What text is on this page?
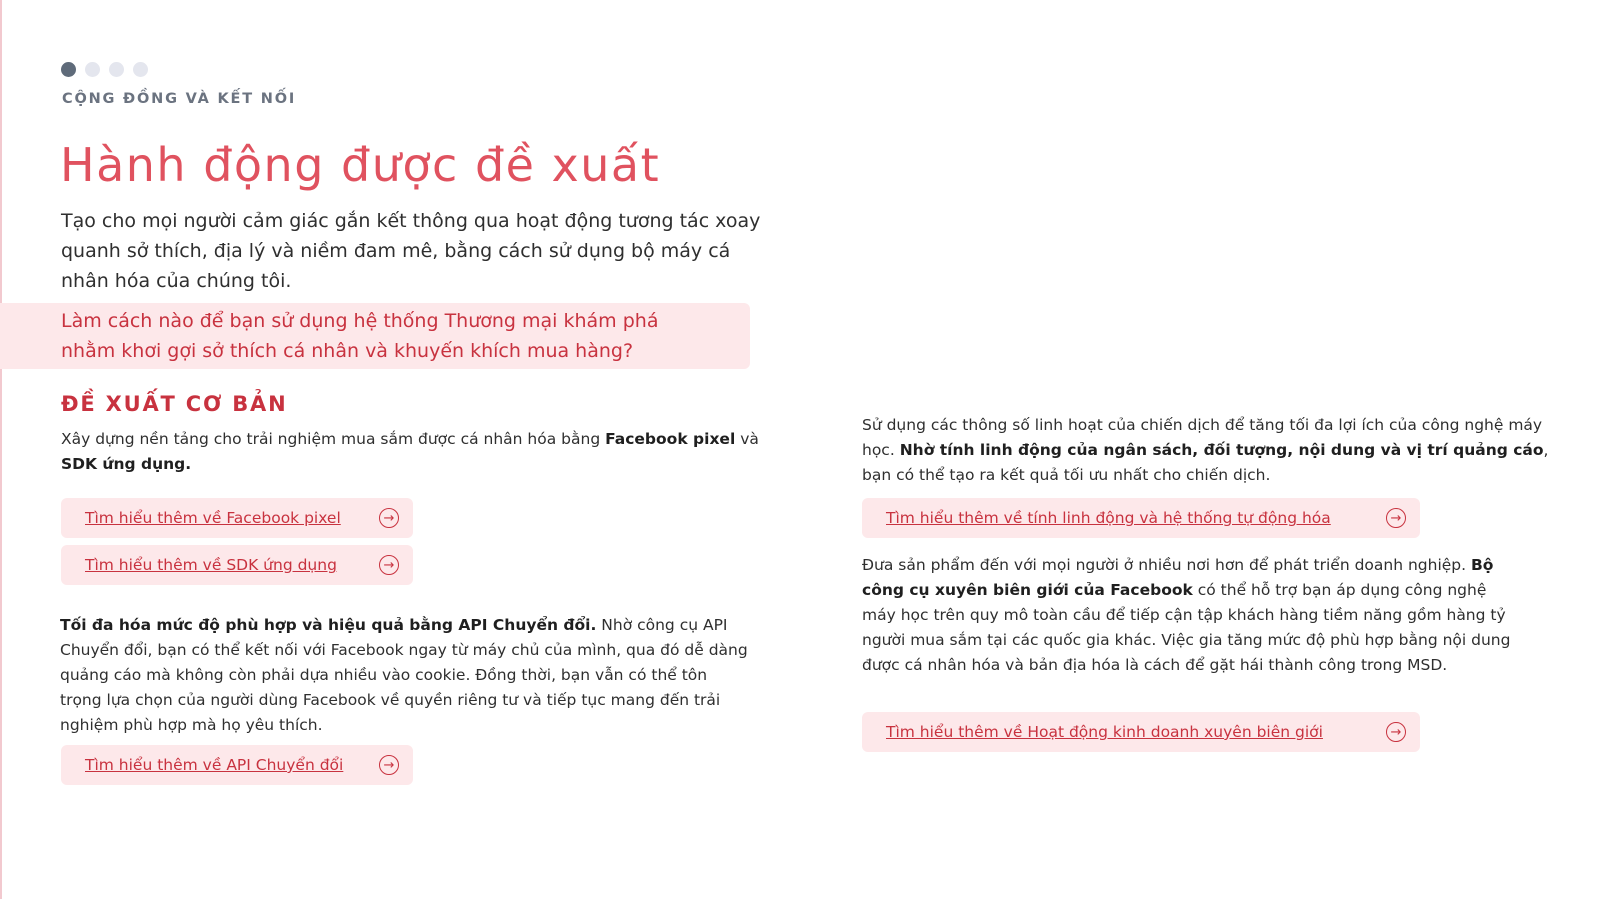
CỘNG ĐỒNG VÀ KẾT NỐI
Hành động được đề xuất

Tạo cho mọi người cảm giác gắn kết thông qua hoạt động tương tác xoay quanh sở thích, địa lý và niềm đam mê, bằng cách sử dụng bộ máy cá nhân hóa của chúng tôi.

Làm cách nào để bạn sử dụng hệ thống Thương mại khám phá nhằm khơi gợi sở thích cá nhân và khuyến khích mua hàng?

ĐỀ XUẤT CƠ BẢN

Xây dựng nền tảng cho trải nghiệm mua sắm được cá nhân hóa bằng Facebook pixel và SDK ứng dụng.

Tìm hiểu thêm về Facebook pixel	→
Tìm hiểu thêm về SDK ứng dụng	→

Tối đa hóa mức độ phù hợp và hiệu quả bằng API Chuyển đổi. Nhờ công cụ API Chuyển đổi, bạn có thể kết nối với Facebook ngay từ máy chủ của mình, qua đó dễ dàng quảng cáo mà không còn phải dựa nhiều vào cookie. Đồng thời, bạn vẫn có thể tôn trọng lựa chọn của người dùng Facebook về quyền riêng tư và tiếp tục mang đến trải nghiệm phù hợp mà họ yêu thích.

Tìm hiểu thêm về API Chuyển đổi	→

Sử dụng các thông số linh hoạt của chiến dịch để tăng tối đa lợi ích của công nghệ máy học. Nhờ tính linh động của ngân sách, đối tượng, nội dung và vị trí quảng cáo, bạn có thể tạo ra kết quả tối ưu nhất cho chiến dịch.

Tìm hiểu thêm về tính linh động và hệ thống tự động hóa	→

Đưa sản phẩm đến với mọi người ở nhiều nơi hơn để phát triển doanh nghiệp. Bộ công cụ xuyên biên giới của Facebook có thể hỗ trợ bạn áp dụng công nghệ máy học trên quy mô toàn cầu để tiếp cận tập khách hàng tiềm năng gồm hàng tỷ người mua sắm tại các quốc gia khác. Việc gia tăng mức độ phù hợp bằng nội dung được cá nhân hóa và bản địa hóa là cách để gặt hái thành công trong MSD.

Tìm hiểu thêm về Hoạt động kinh doanh xuyên biên giới	→
